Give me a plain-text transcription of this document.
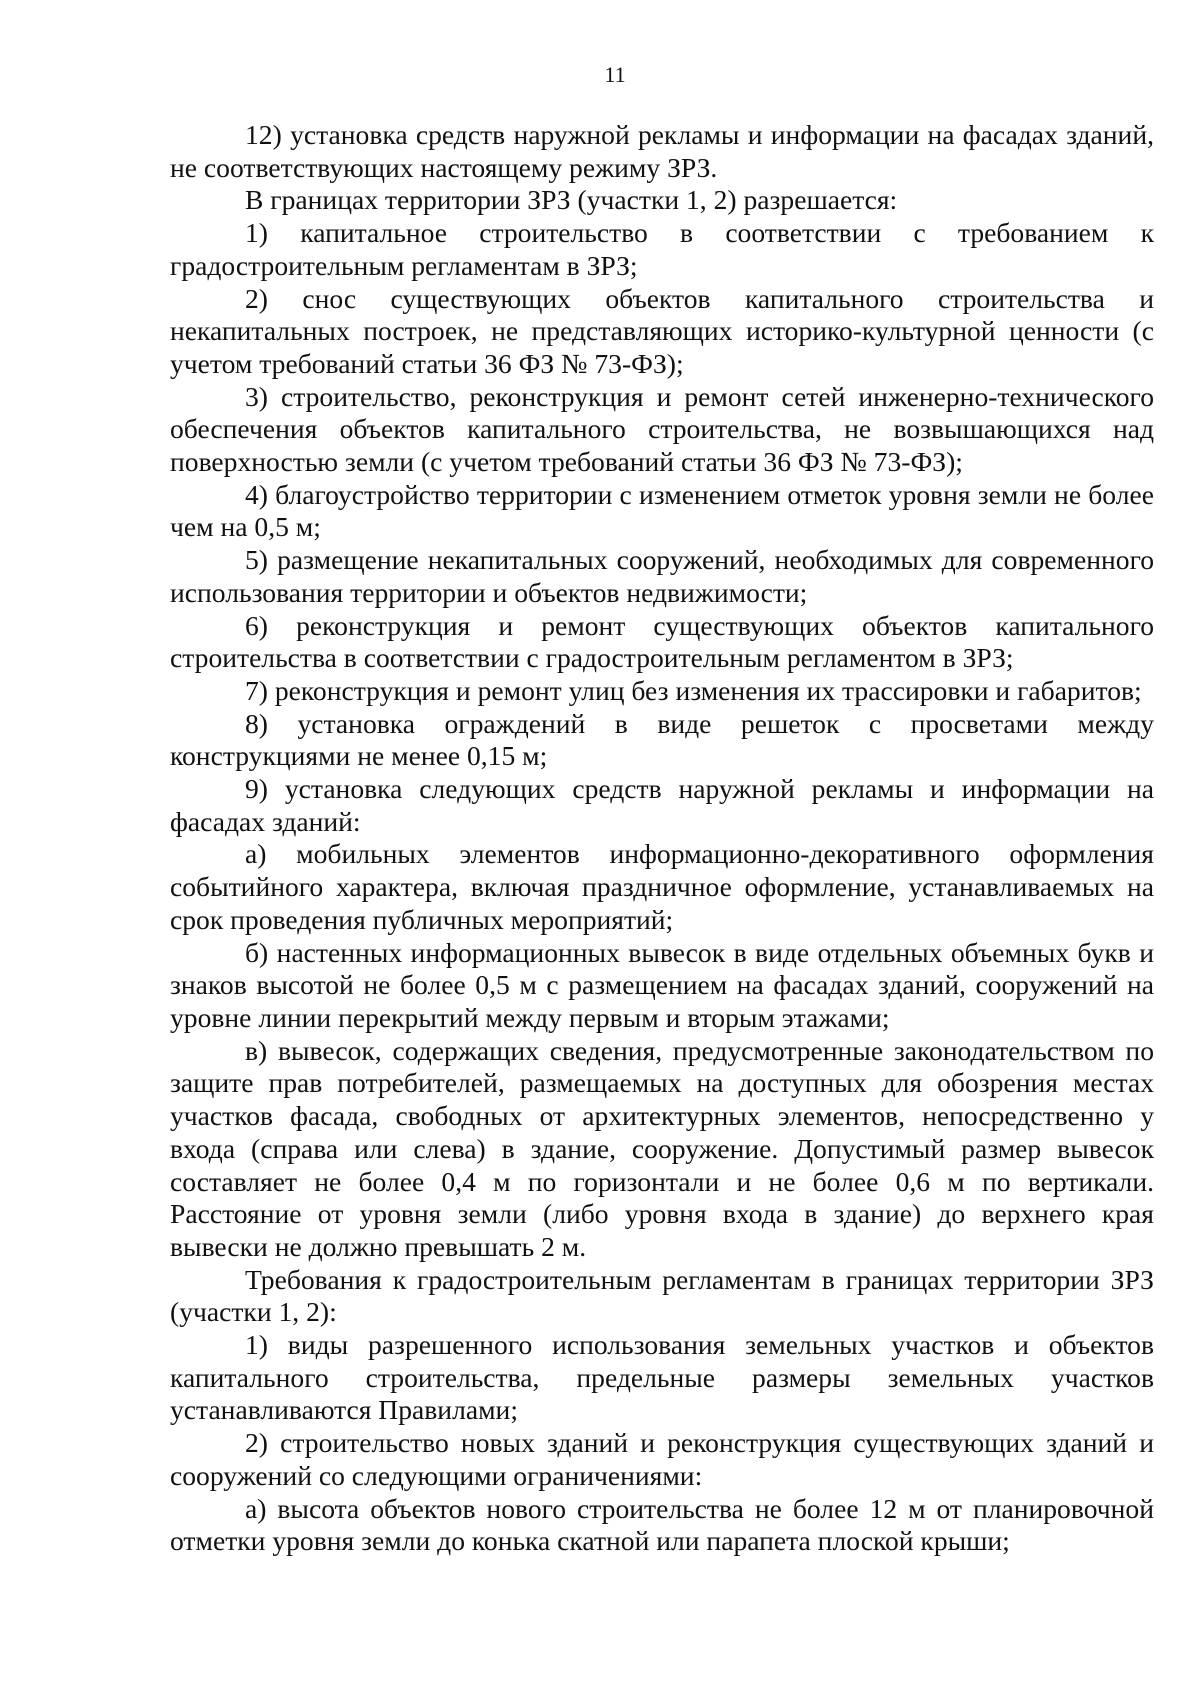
11

12) установка средств наружной рекламы и информации на фасадах зданий, не соответствующих настоящему режиму ЗРЗ.

В границах территории ЗРЗ (участки 1, 2) разрешается:

1) капитальное строительство в соответствии с требованием к градостроительным регламентам в ЗРЗ;

2) снос существующих объектов капитального строительства и некапитальных построек, не представляющих историко-культурной ценности (с учетом требований статьи 36 ФЗ № 73-ФЗ);

3) строительство, реконструкция и ремонт сетей инженерно-технического обеспечения объектов капитального строительства, не возвышающихся над поверхностью земли (с учетом требований статьи 36 ФЗ № 73-ФЗ);

4) благоустройство территории с изменением отметок уровня земли не более чем на 0,5 м;

5) размещение некапитальных сооружений, необходимых для современного использования территории и объектов недвижимости;

6) реконструкция и ремонт существующих объектов капитального строительства в соответствии с градостроительным регламентом в ЗРЗ;

7) реконструкция и ремонт улиц без изменения их трассировки и габаритов;

8) установка ограждений в виде решеток с просветами между конструкциями не менее 0,15 м;

9) установка следующих средств наружной рекламы и информации на фасадах зданий:

а) мобильных элементов информационно-декоративного оформления событийного характера, включая праздничное оформление, устанавливаемых на срок проведения публичных мероприятий;

б) настенных информационных вывесок в виде отдельных объемных букв и знаков высотой не более 0,5 м с размещением на фасадах зданий, сооружений на уровне линии перекрытий между первым и вторым этажами;

в) вывесок, содержащих сведения, предусмотренные законодательством по защите прав потребителей, размещаемых на доступных для обозрения местах участков фасада, свободных от архитектурных элементов, непосредственно у входа (справа или слева) в здание, сооружение. Допустимый размер вывесок составляет не более 0,4 м по горизонтали и не более 0,6 м по вертикали. Расстояние от уровня земли (либо уровня входа в здание) до верхнего края вывески не должно превышать 2 м.

Требования к градостроительным регламентам в границах территории ЗРЗ (участки 1, 2):

1) виды разрешенного использования земельных участков и объектов капитального строительства, предельные размеры земельных участков устанавливаются Правилами;

2) строительство новых зданий и реконструкция существующих зданий и сооружений со следующими ограничениями:

а) высота объектов нового строительства не более 12 м от планировочной отметки уровня земли до конька скатной или парапета плоской крыши;
